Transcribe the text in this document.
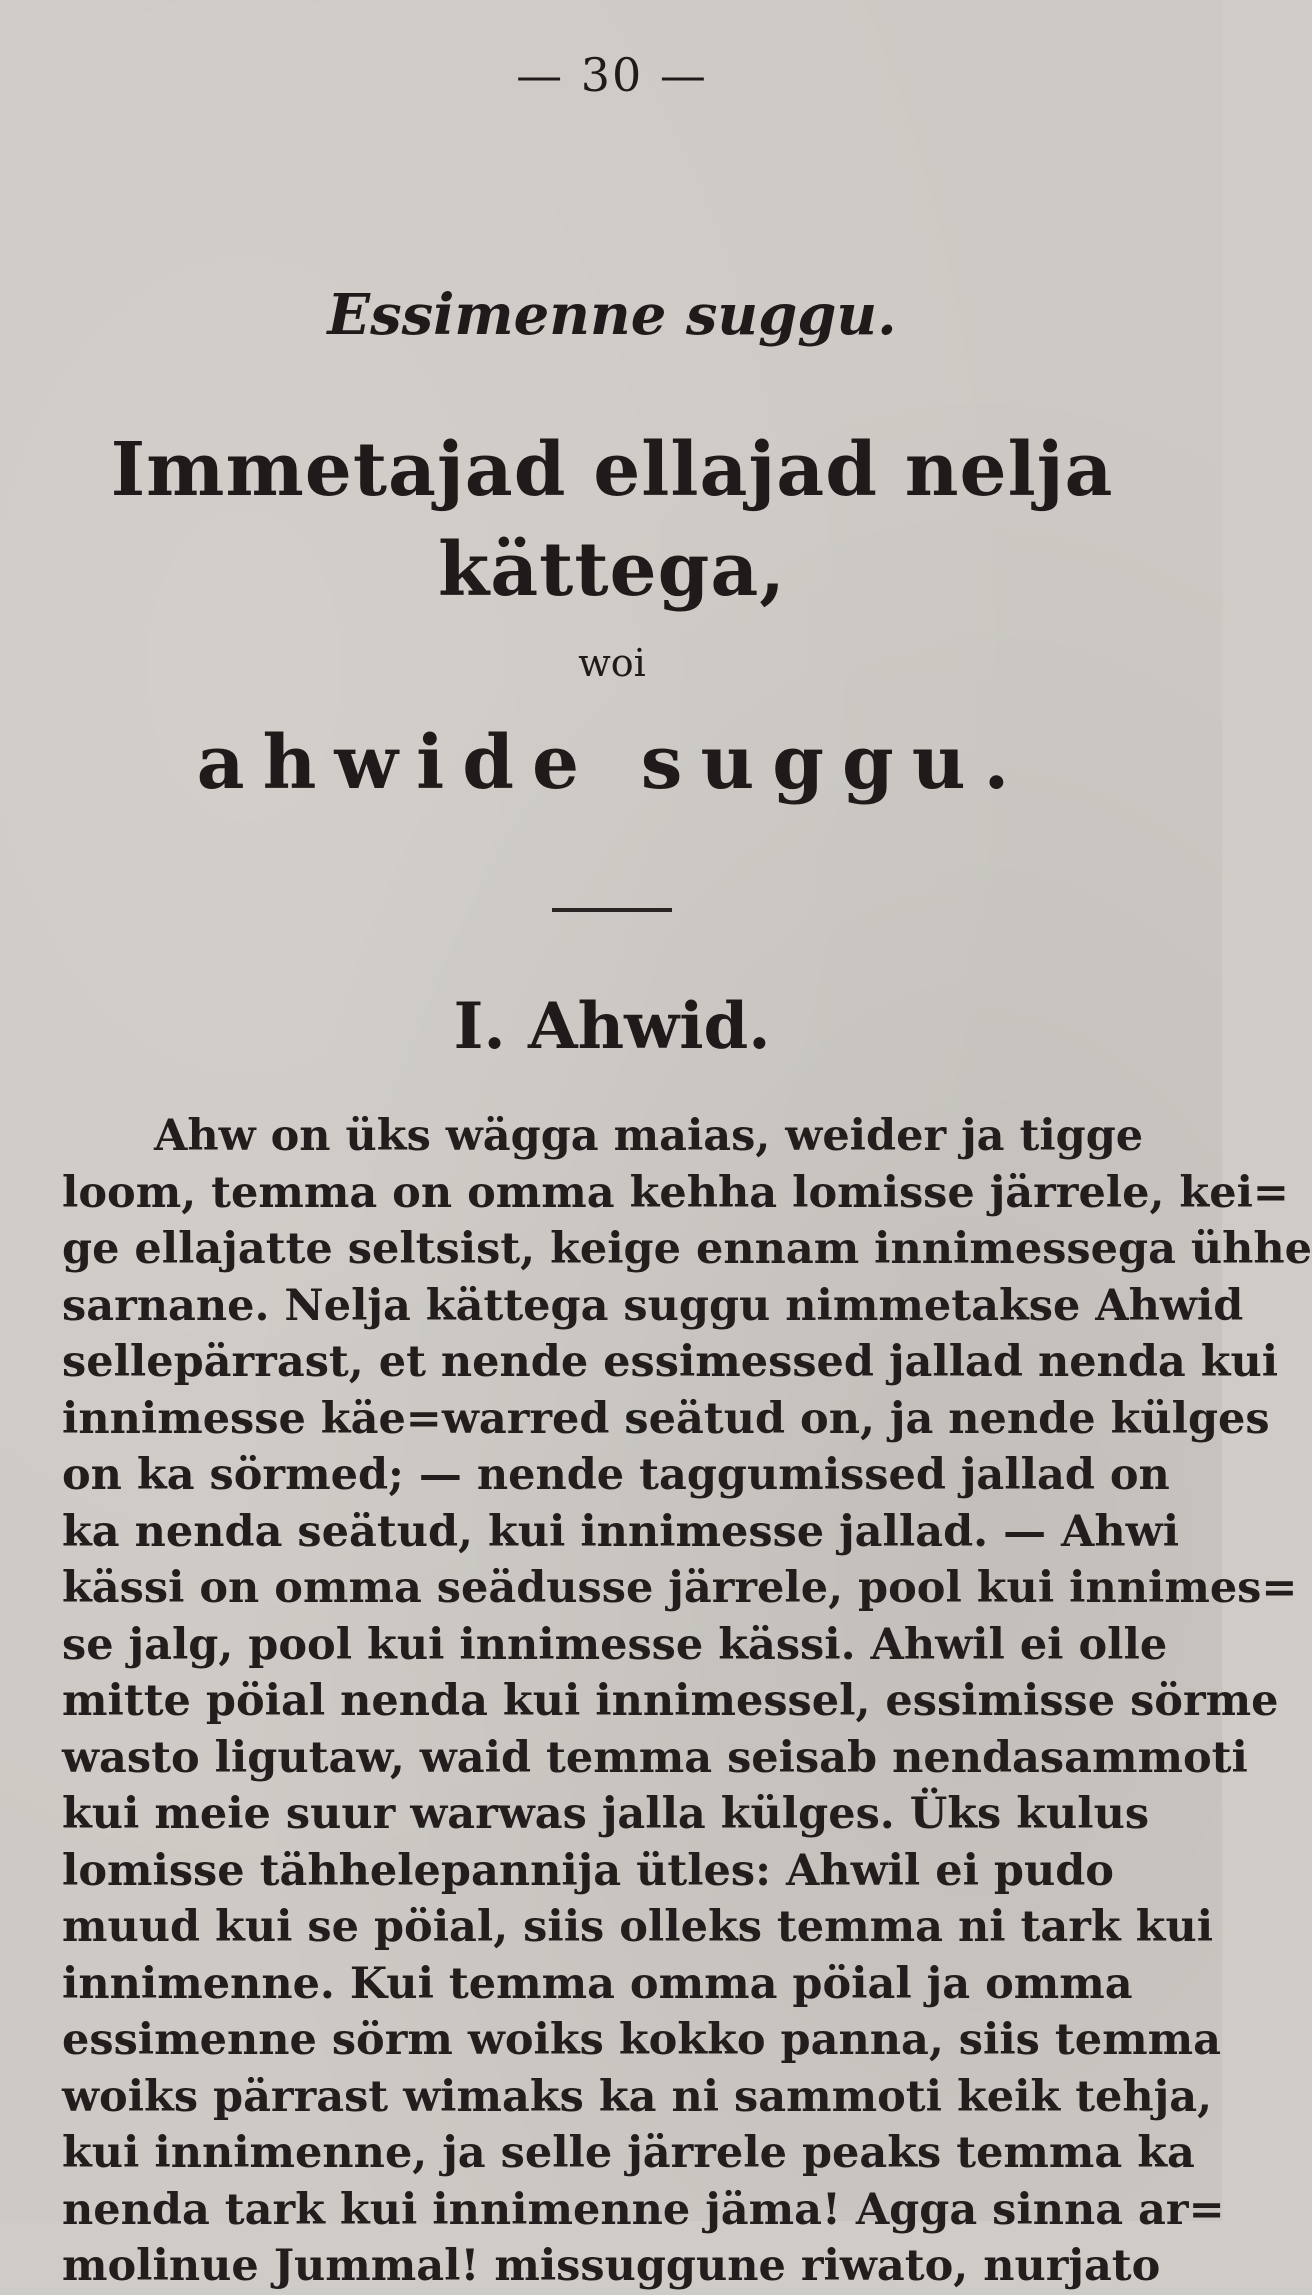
— 30 —
Essimenne suggu.
Immetajad ellajad nelja kättega,
woi
ahwide suggu.
I. Ahwid.
Ahw on üks wägga maias, weider ja tigge
loom, temma on omma kehha lomisse järrele, kei=
ge ellajatte seltsist, keige ennam innimessega ühhe
sarnane. Nelja kättega suggu nimmetakse Ahwid
sellepärrast, et nende essimessed jallad nenda kui
innimesse käe=warred seätud on, ja nende külges
on ka sörmed; — nende taggumissed jallad on
ka nenda seätud, kui innimesse jallad. — Ahwi
kässi on omma seädusse järrele, pool kui innimes=
se jalg, pool kui innimesse kässi. Ahwil ei olle
mitte pöial nenda kui innimessel, essimisse sörme
wasto ligutaw, waid temma seisab nendasammoti
kui meie suur warwas jalla külges. Üks kulus
lomisse tähhelepannija ütles: Ahwil ei pudo
muud kui se pöial, siis olleks temma ni tark kui
innimenne. Kui temma omma pöial ja omma
essimenne sörm woiks kokko panna, siis temma
woiks pärrast wimaks ka ni sammoti keik tehja,
kui innimenne, ja selle järrele peaks temma ka
nenda tark kui innimenne jäma! Agga sinna ar=
molinue Jummal! missuggune riwato, nurjato
